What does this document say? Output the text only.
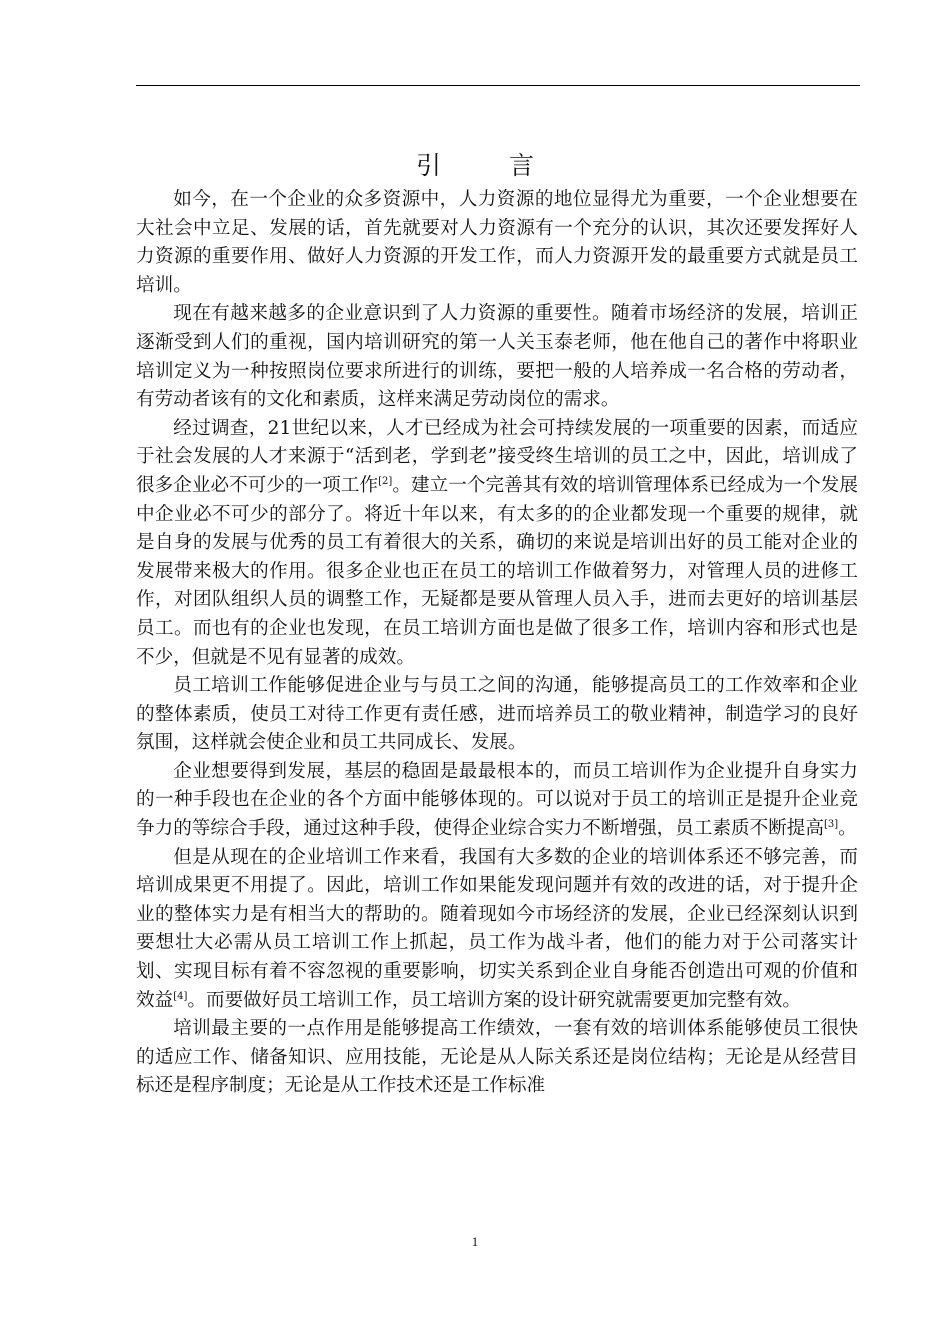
引 言

如今，在一个企业的众多资源中，人力资源的地位显得尤为重要，一个企业想要在大社会中立足、发展的话，首先就要对人力资源有一个充分的认识，其次还要发挥好人力资源的重要作用、做好人力资源的开发工作，而人力资源开发的最重要方式就是员工培训。

现在有越来越多的企业意识到了人力资源的重要性。随着市场经济的发展，培训正逐渐受到人们的重视，国内培训研究的第一人关玉泰老师，他在他自己的著作中将职业培训定义为一种按照岗位要求所进行的训练，要把一般的人培养成一名合格的劳动者，有劳动者该有的文化和素质，这样来满足劳动岗位的需求。

经过调查，21世纪以来，人才已经成为社会可持续发展的一项重要的因素，而适应于社会发展的人才来源于“活到老，学到老”接受终生培训的员工之中，因此，培训成了很多企业必不可少的一项工作[2]。建立一个完善其有效的培训管理体系已经成为一个发展中企业必不可少的部分了。将近十年以来，有太多的的企业都发现一个重要的规律，就是自身的发展与优秀的员工有着很大的关系，确切的来说是培训出好的员工能对企业的发展带来极大的作用。很多企业也正在员工的培训工作做着努力，对管理人员的进修工作，对团队组织人员的调整工作，无疑都是要从管理人员入手，进而去更好的培训基层员工。而也有的企业也发现，在员工培训方面也是做了很多工作，培训内容和形式也是不少，但就是不见有显著的成效。

员工培训工作能够促进企业与与员工之间的沟通，能够提高员工的工作效率和企业的整体素质，使员工对待工作更有责任感，进而培养员工的敬业精神，制造学习的良好氛围，这样就会使企业和员工共同成长、发展。

企业想要得到发展，基层的稳固是最最根本的，而员工培训作为企业提升自身实力的一种手段也在企业的各个方面中能够体现的。可以说对于员工的培训正是提升企业竞争力的等综合手段，通过这种手段，使得企业综合实力不断增强，员工素质不断提高[3]。

但是从现在的企业培训工作来看，我国有大多数的企业的培训体系还不够完善，而培训成果更不用提了。因此，培训工作如果能发现问题并有效的改进的话，对于提升企业的整体实力是有相当大的帮助的。随着现如今市场经济的发展，企业已经深刻认识到要想壮大必需从员工培训工作上抓起，员工作为战斗者，他们的能力对于公司落实计划、实现目标有着不容忽视的重要影响，切实关系到企业自身能否创造出可观的价值和效益[4]。而要做好员工培训工作，员工培训方案的设计研究就需要更加完整有效。

培训最主要的一点作用是能够提高工作绩效，一套有效的培训体系能够使员工很快的适应工作、储备知识、应用技能，无论是从人际关系还是岗位结构；无论是从经营目标还是程序制度；无论是从工作技术还是工作标准

1
